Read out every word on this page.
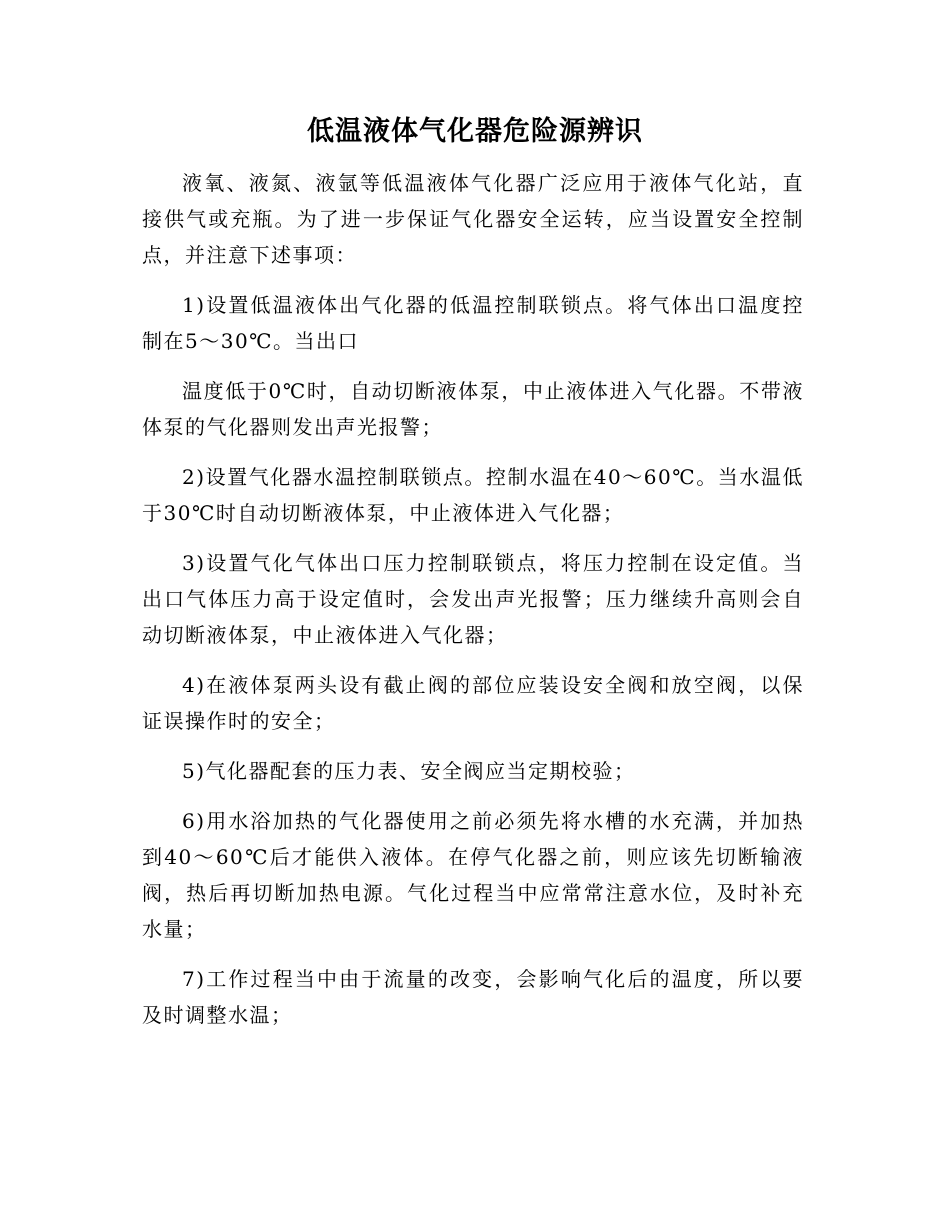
低温液体气化器危险源辨识

液氧、液氮、液氩等低温液体气化器广泛应用于液体气化站，直接供气或充瓶。为了进一步保证气化器安全运转，应当设置安全控制点，并注意下述事项：

1)设置低温液体出气化器的低温控制联锁点。将气体出口温度控制在5～30℃。当出口

温度低于0℃时，自动切断液体泵，中止液体进入气化器。不带液体泵的气化器则发出声光报警；

2)设置气化器水温控制联锁点。控制水温在40～60℃。当水温低于30℃时自动切断液体泵，中止液体进入气化器；

3)设置气化气体出口压力控制联锁点，将压力控制在设定值。当出口气体压力高于设定值时，会发出声光报警；压力继续升高则会自动切断液体泵，中止液体进入气化器；

4)在液体泵两头设有截止阀的部位应装设安全阀和放空阀，以保证误操作时的安全；

5)气化器配套的压力表、安全阀应当定期校验；

6)用水浴加热的气化器使用之前必须先将水槽的水充满，并加热到40～60℃后才能供入液体。在停气化器之前，则应该先切断输液阀，热后再切断加热电源。气化过程当中应常常注意水位，及时补充水量；

7)工作过程当中由于流量的改变，会影响气化后的温度，所以要及时调整水温；
